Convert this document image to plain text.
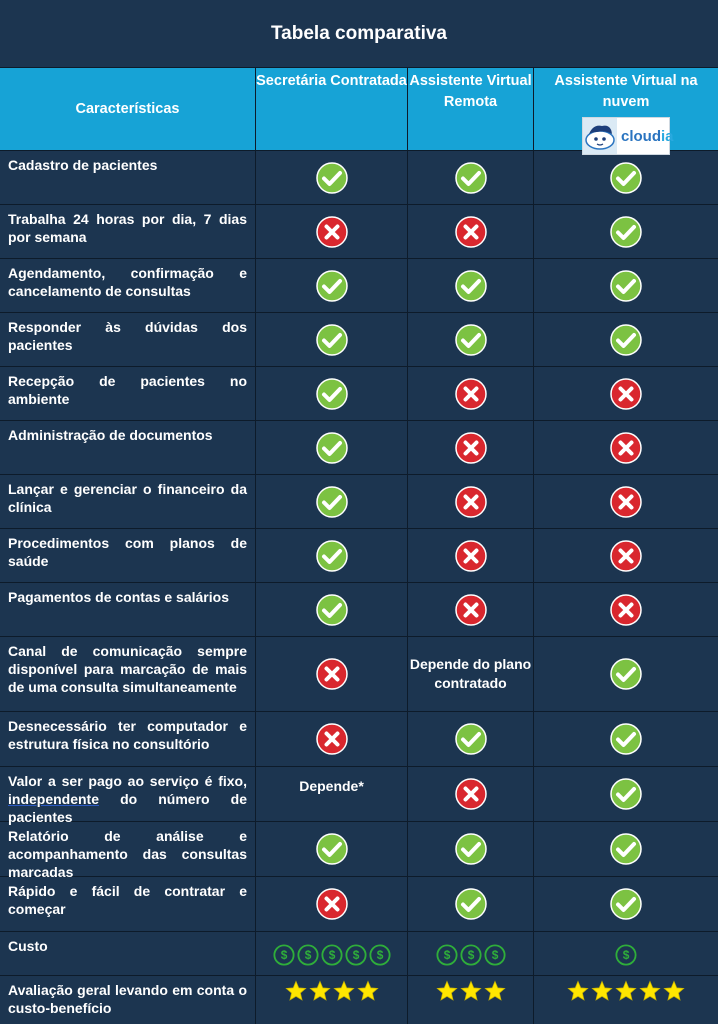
Tabela comparativa
Características
Secretária Contratada Assistente Virtual Remota
Assistente Virtual na nuvem
cloudia
Cadastro de pacientes
Trabalha 24 horas por dia, 7 dias por semana
Agendamento, confirmação e cancelamento de consultas
Responder às dúvidas dos pacientes
Recepção de pacientes no ambiente
Administração de documentos
Lançar e gerenciar o financeiro da clínica
Procedimentos com planos de saúde
Pagamentos de contas e salários
Canal de comunicação sempre disponível para marcação de mais de uma consulta simultaneamente
Depende do plano contratado
Desnecessário ter computador e estrutura física no consultório
Valor a ser pago ao serviço é fixo, independente do número de pacientes
Depende*
Relatório de análise e acompanhamento das consultas marcadas
Rápido e fácil de contratar e começar
Custo
$ $ $ $ $	$ $ $	$
Avaliação geral levando em conta o custo-benefício
